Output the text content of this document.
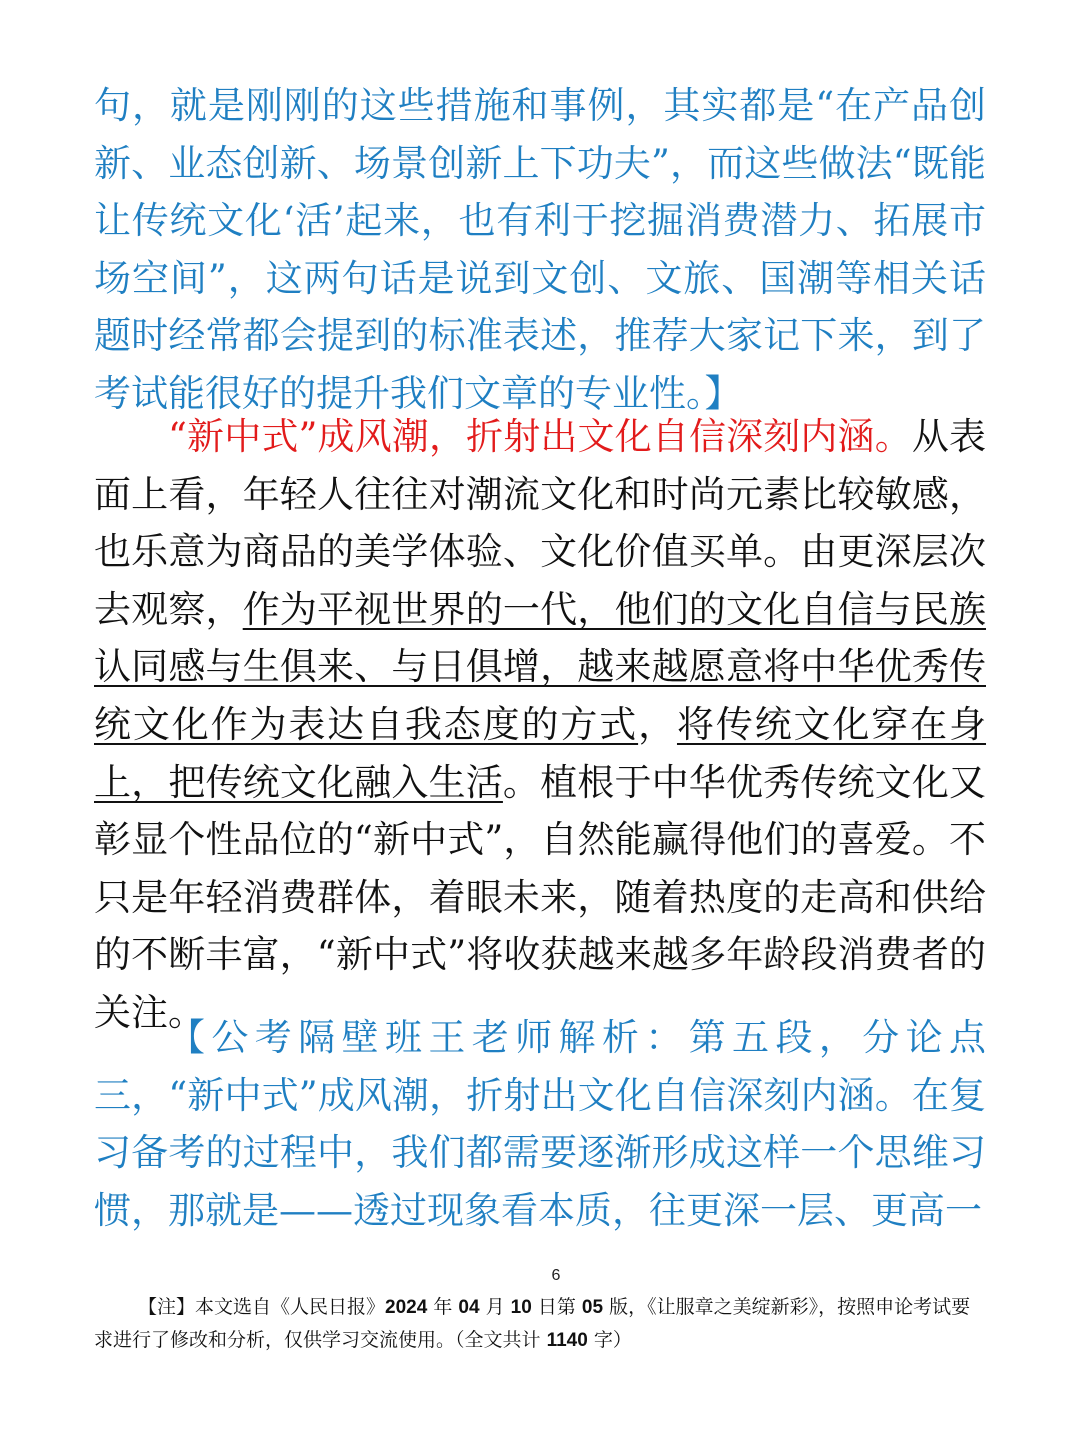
句，就是刚刚的这些措施和事例，其实都是“在产品创新、业态创新、场景创新上下功夫”，而这些做法“既能让传统文化‘活’起来，也有利于挖掘消费潜力、拓展市场空间”，这两句话是说到文创、文旅、国潮等相关话题时经常都会提到的标准表述，推荐大家记下来，到了考试能很好的提升我们文章的专业性。】

“新中式”成风潮，折射出文化自信深刻内涵。从表面上看，年轻人往往对潮流文化和时尚元素比较敏感，也乐意为商品的美学体验、文化价值买单。由更深层次去观察，作为平视世界的一代，他们的文化自信与民族认同感与生俱来、与日俱增，越来越愿意将中华优秀传统文化作为表达自我态度的方式，将传统文化穿在身上，把传统文化融入生活。植根于中华优秀传统文化又彰显个性品位的“新中式”，自然能赢得他们的喜爱。不只是年轻消费群体，着眼未来，随着热度的走高和供给的不断丰富，“新中式”将收获越来越多年龄段消费者的关注。

【公考隔壁班王老师解析：第五段，分论点三，“新中式”成风潮，折射出文化自信深刻内涵。在复习备考的过程中，我们都需要逐渐形成这样一个思维习惯，那就是——透过现象看本质，往更深一层、更高一

6

【注】本文选自《人民日报》2024 年 04 月 10 日第 05 版，《让服章之美绽新彩》，按照申论考试要求进行了修改和分析，仅供学习交流使用。（全文共计 1140 字）
